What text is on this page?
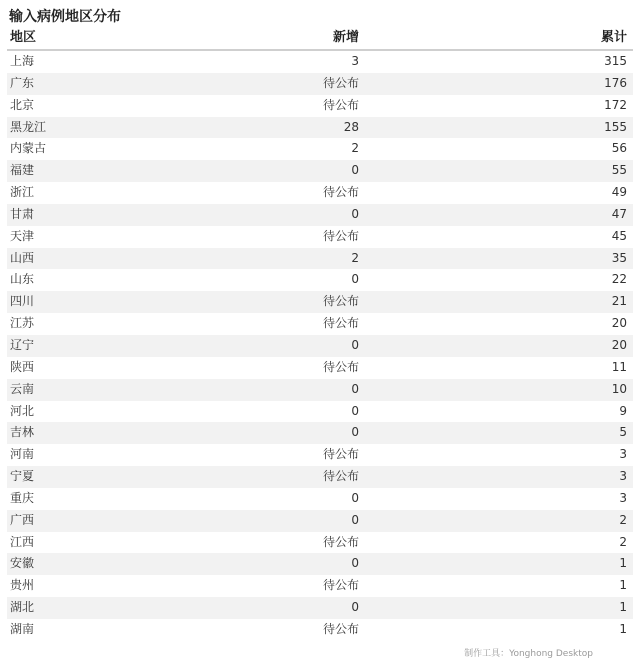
输入病例地区分布
地区	新增	累计
上海	3	315
广东	待公布	176
北京	待公布	172
黑龙江	28	155
内蒙古	2	56
福建	0	55
浙江	待公布	49
甘肃	0	47
天津	待公布	45
山西	2	35
山东	0	22
四川	待公布	21
江苏	待公布	20
辽宁	0	20
陕西	待公布	11
云南	0	10
河北	0	9
吉林	0	5
河南	待公布	3
宁夏	待公布	3
重庆	0	3
广西	0	2
江西	待公布	2
安徽	0	1
贵州	待公布	1
湖北	0	1
湖南	待公布	1
制作工具：Yonghong Desktop
